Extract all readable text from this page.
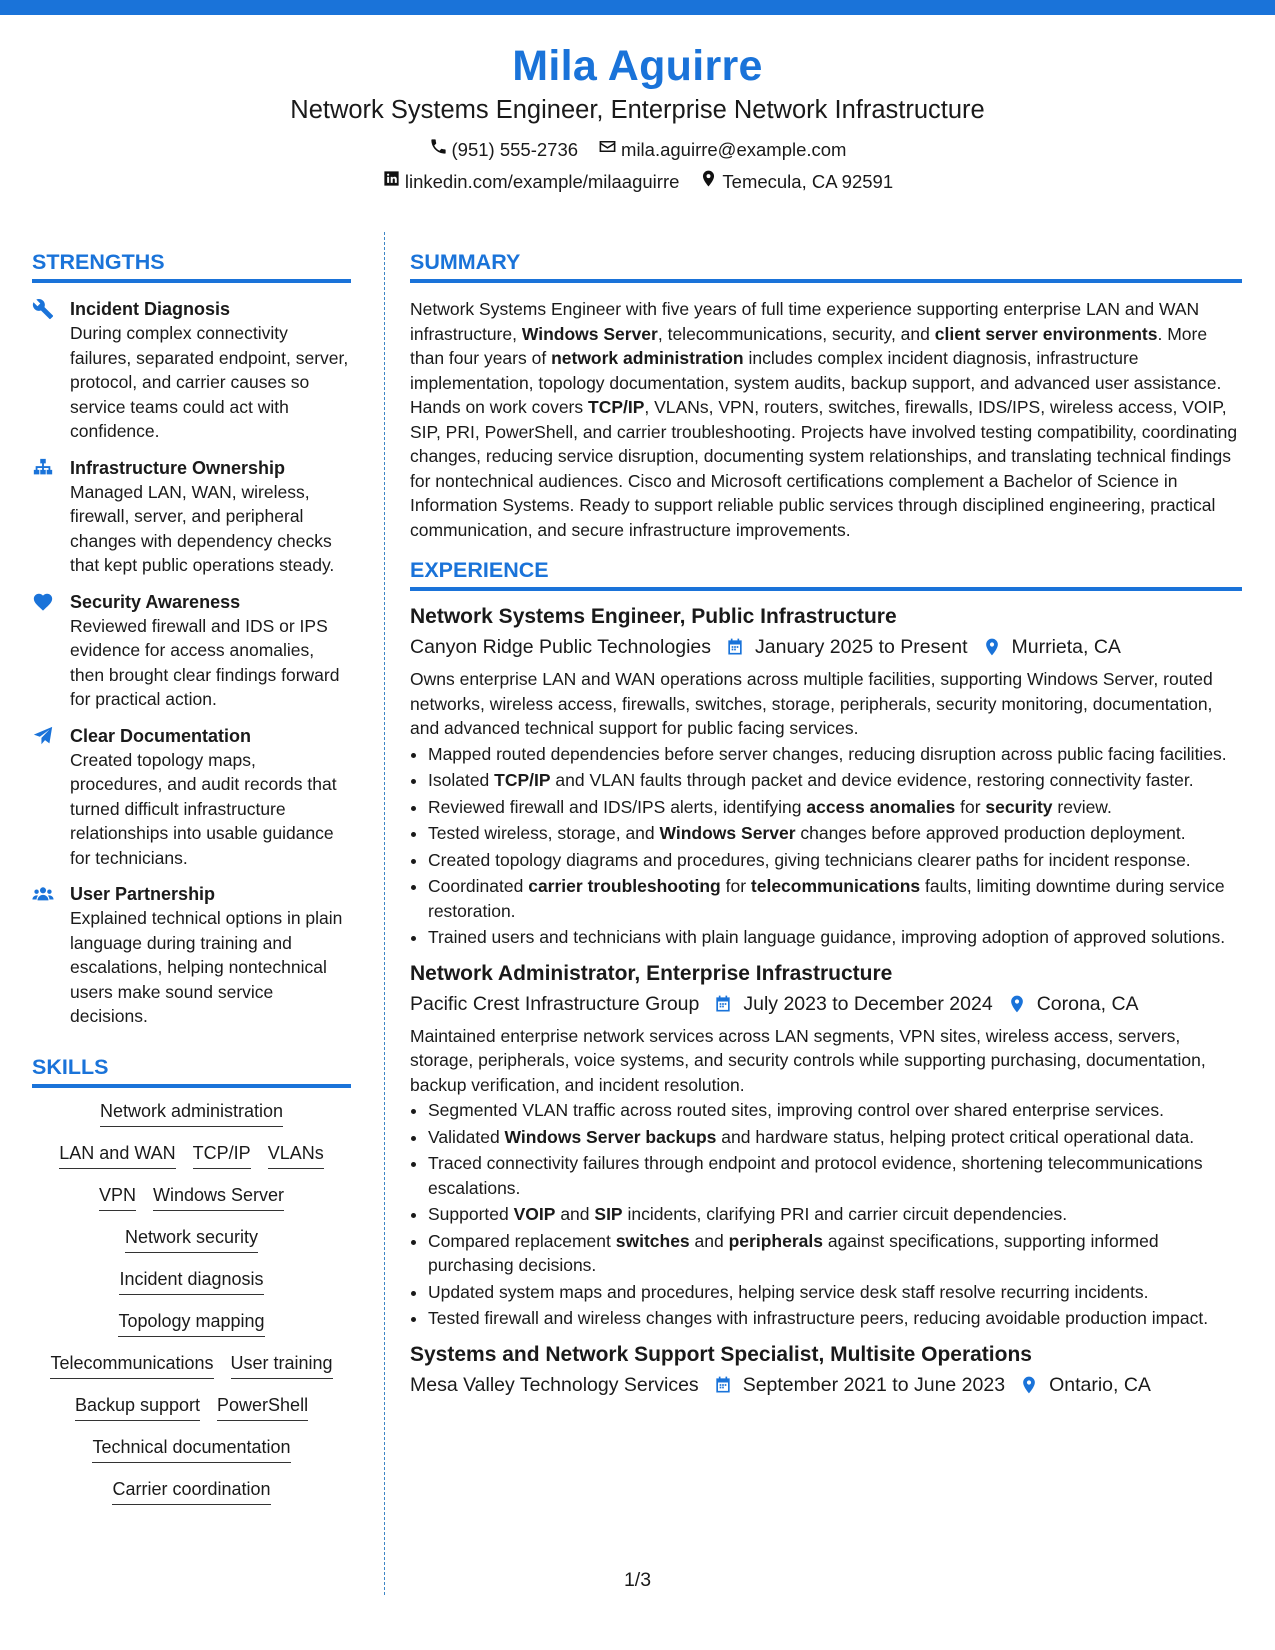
Mila Aguirre
Network Systems Engineer, Enterprise Network Infrastructure
(951) 555-2736 mila.aguirre@example.com
linkedin.com/example/milaaguirre Temecula, CA 92591
STRENGTHS
Incident Diagnosis
During complex connectivity failures, separated endpoint, server, protocol, and carrier causes so service teams could act with confidence.
Infrastructure Ownership
Managed LAN, WAN, wireless, firewall, server, and peripheral changes with dependency checks that kept public operations steady.
Security Awareness
Reviewed firewall and IDS or IPS evidence for access anomalies, then brought clear findings forward for practical action.
Clear Documentation
Created topology maps, procedures, and audit records that turned difficult infrastructure relationships into usable guidance for technicians.
User Partnership
Explained technical options in plain language during training and escalations, helping nontechnical users make sound service decisions.
SKILLS
Network administration
LAN and WAN TCP/IP VLANs
VPN Windows Server
Network security
Incident diagnosis
Topology mapping
Telecommunications User training
Backup support PowerShell
Technical documentation
Carrier coordination
SUMMARY

Network Systems Engineer with five years of full time experience supporting enterprise LAN and WAN infrastructure, Windows Server, telecommunications, security, and client server environments. More than four years of network administration includes complex incident diagnosis, infrastructure implementation, topology documentation, system audits, backup support, and advanced user assistance. Hands on work covers TCP/IP, VLANs, VPN, routers, switches, firewalls, IDS/IPS, wireless access, VOIP, SIP, PRI, PowerShell, and carrier troubleshooting. Projects have involved testing compatibility, coordinating changes, reducing service disruption, documenting system relationships, and translating technical findings for nontechnical audiences. Cisco and Microsoft certifications complement a Bachelor of Science in Information Systems. Ready to support reliable public services through disciplined engineering, practical communication, and secure infrastructure improvements.

EXPERIENCE
Network Systems Engineer, Public Infrastructure
Canyon Ridge Public Technologies January 2025 to Present Murrieta, CA
Owns enterprise LAN and WAN operations across multiple facilities, supporting Windows Server, routed networks, wireless access, firewalls, switches, storage, peripherals, security monitoring, documentation, and advanced technical support for public facing services.
• Mapped routed dependencies before server changes, reducing disruption across public facing facilities.
• Isolated TCP/IP and VLAN faults through packet and device evidence, restoring connectivity faster.
• Reviewed firewall and IDS/IPS alerts, identifying access anomalies for security review.
• Tested wireless, storage, and Windows Server changes before approved production deployment.
• Created topology diagrams and procedures, giving technicians clearer paths for incident response.
• Coordinated carrier troubleshooting for telecommunications faults, limiting downtime during service restoration.
• Trained users and technicians with plain language guidance, improving adoption of approved solutions.
Network Administrator, Enterprise Infrastructure
Pacific Crest Infrastructure Group July 2023 to December 2024 Corona, CA
Maintained enterprise network services across LAN segments, VPN sites, wireless access, servers, storage, peripherals, voice systems, and security controls while supporting purchasing, documentation, backup verification, and incident resolution.
• Segmented VLAN traffic across routed sites, improving control over shared enterprise services.
• Validated Windows Server backups and hardware status, helping protect critical operational data.
• Traced connectivity failures through endpoint and protocol evidence, shortening telecommunications escalations.
• Supported VOIP and SIP incidents, clarifying PRI and carrier circuit dependencies.
• Compared replacement switches and peripherals against specifications, supporting informed purchasing decisions.
• Updated system maps and procedures, helping service desk staff resolve recurring incidents.
• Tested firewall and wireless changes with infrastructure peers, reducing avoidable production impact.
Systems and Network Support Specialist, Multisite Operations
Mesa Valley Technology Services September 2021 to June 2023 Ontario, CA
1/3
